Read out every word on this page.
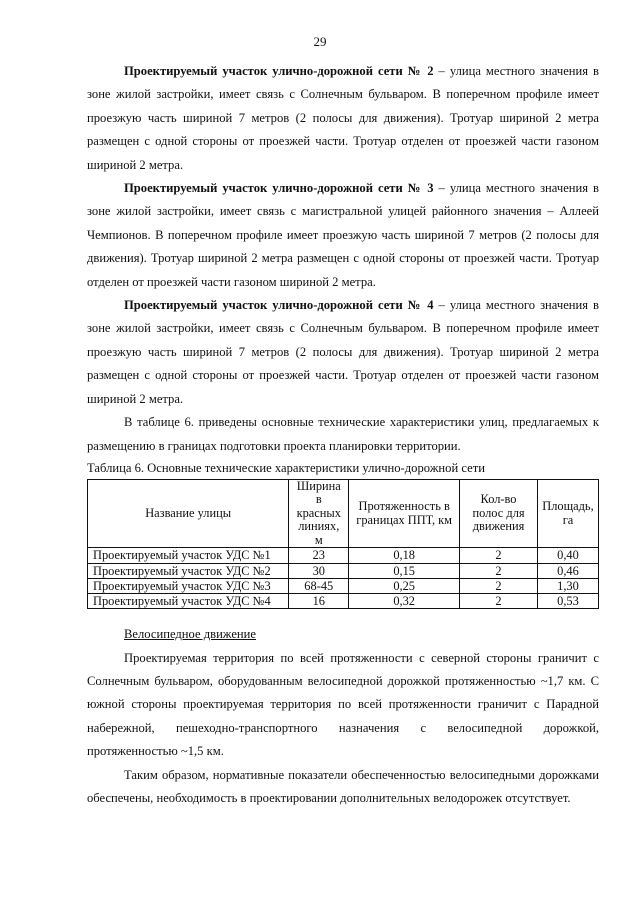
29

Проектируемый участок улично-дорожной сети № 2 – улица местного значения в зоне жилой застройки, имеет связь с Солнечным бульваром. В поперечном профиле имеет проезжую часть шириной 7 метров (2 полосы для движения). Тротуар шириной 2 метра размещен с одной стороны от проезжей части. Тротуар отделен от проезжей части газоном шириной 2 метра.

Проектируемый участок улично-дорожной сети № 3 – улица местного значения в зоне жилой застройки, имеет связь с магистральной улицей районного значения – Аллеей Чемпионов. В поперечном профиле имеет проезжую часть шириной 7 метров (2 полосы для движения). Тротуар шириной 2 метра размещен с одной стороны от проезжей части. Тротуар отделен от проезжей части газоном шириной 2 метра.

Проектируемый участок улично-дорожной сети № 4 – улица местного значения в зоне жилой застройки, имеет связь с Солнечным бульваром. В поперечном профиле имеет проезжую часть шириной 7 метров (2 полосы для движения). Тротуар шириной 2 метра размещен с одной стороны от проезжей части. Тротуар отделен от проезжей части газоном шириной 2 метра.

В таблице 6. приведены основные технические характеристики улиц, предлагаемых к размещению в границах подготовки проекта планировки территории.

Таблица 6. Основные технические характеристики улично-дорожной сети

Название улицы	Ширина в красных линиях, м	Протяженность в границах ППТ, км	Кол-во полос для движения	Площадь, га
Проектируемый участок УДС №1	23	0,18	2	0,40
Проектируемый участок УДС №2	30	0,15	2	0,46
Проектируемый участок УДС №3	68-45	0,25	2	1,30
Проектируемый участок УДС №4	16	0,32	2	0,53

Велосипедное движение

Проектируемая территория по всей протяженности с северной стороны граничит с Солнечным бульваром, оборудованным велосипедной дорожкой протяженностью ~1,7 км. С южной стороны проектируемая территория по всей протяженности граничит с Парадной набережной, пешеходно-транспортного назначения с велосипедной дорожкой, протяженностью ~1,5 км.

Таким образом, нормативные показатели обеспеченностью велосипедными дорожками обеспечены, необходимость в проектировании дополнительных велодорожек отсутствует.
